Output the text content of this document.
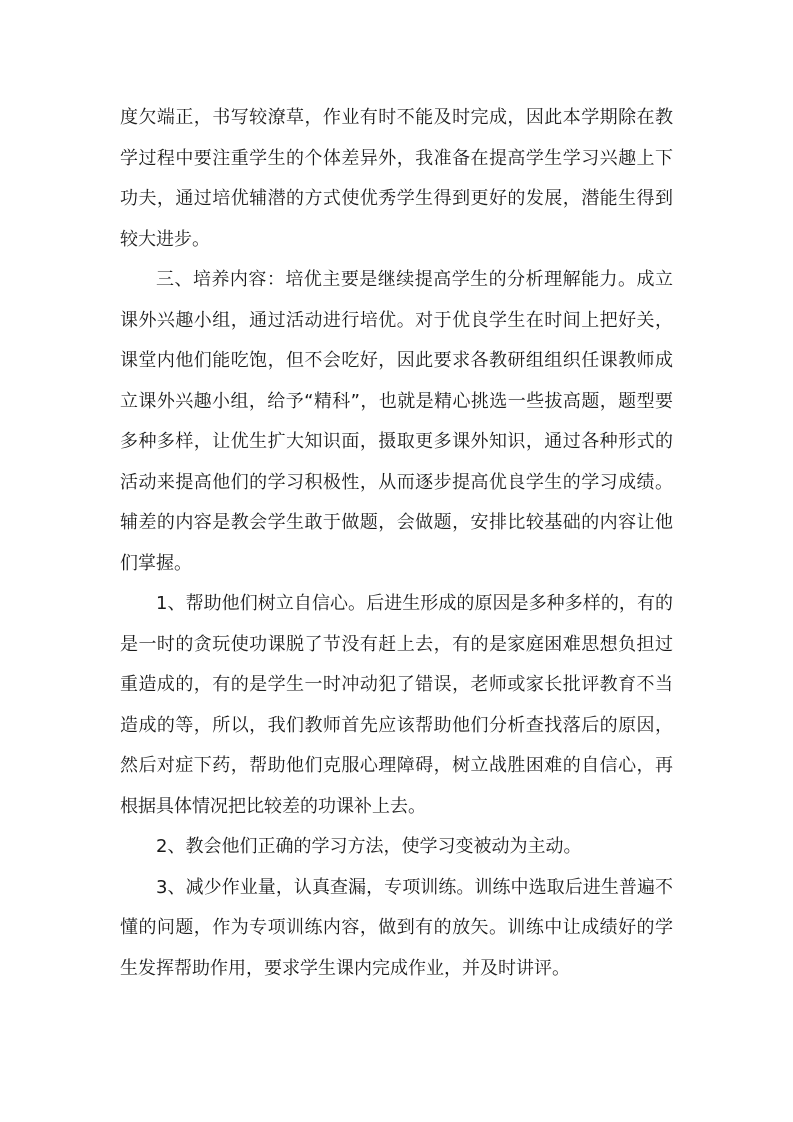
度欠端正，书写较潦草，作业有时不能及时完成，因此本学期除在教学过程中要注重学生的个体差异外，我准备在提高学生学习兴趣上下功夫，通过培优辅潜的方式使优秀学生得到更好的发展，潜能生得到较大进步。

三、培养内容：培优主要是继续提高学生的分析理解能力。成立课外兴趣小组，通过活动进行培优。对于优良学生在时间上把好关，课堂内他们能吃饱，但不会吃好，因此要求各教研组组织任课教师成立课外兴趣小组，给予“精科”，也就是精心挑选一些拔高题，题型要多种多样，让优生扩大知识面，摄取更多课外知识，通过各种形式的活动来提高他们的学习积极性，从而逐步提高优良学生的学习成绩。辅差的内容是教会学生敢于做题，会做题，安排比较基础的内容让他们掌握。

1、帮助他们树立自信心。后进生形成的原因是多种多样的，有的是一时的贪玩使功课脱了节没有赶上去，有的是家庭困难思想负担过重造成的，有的是学生一时冲动犯了错误，老师或家长批评教育不当造成的等，所以，我们教师首先应该帮助他们分析查找落后的原因，然后对症下药，帮助他们克服心理障碍，树立战胜困难的自信心，再根据具体情况把比较差的功课补上去。

2、教会他们正确的学习方法，使学习变被动为主动。

3、减少作业量，认真查漏，专项训练。训练中选取后进生普遍不懂的问题，作为专项训练内容，做到有的放矢。训练中让成绩好的学生发挥帮助作用，要求学生课内完成作业，并及时讲评。
